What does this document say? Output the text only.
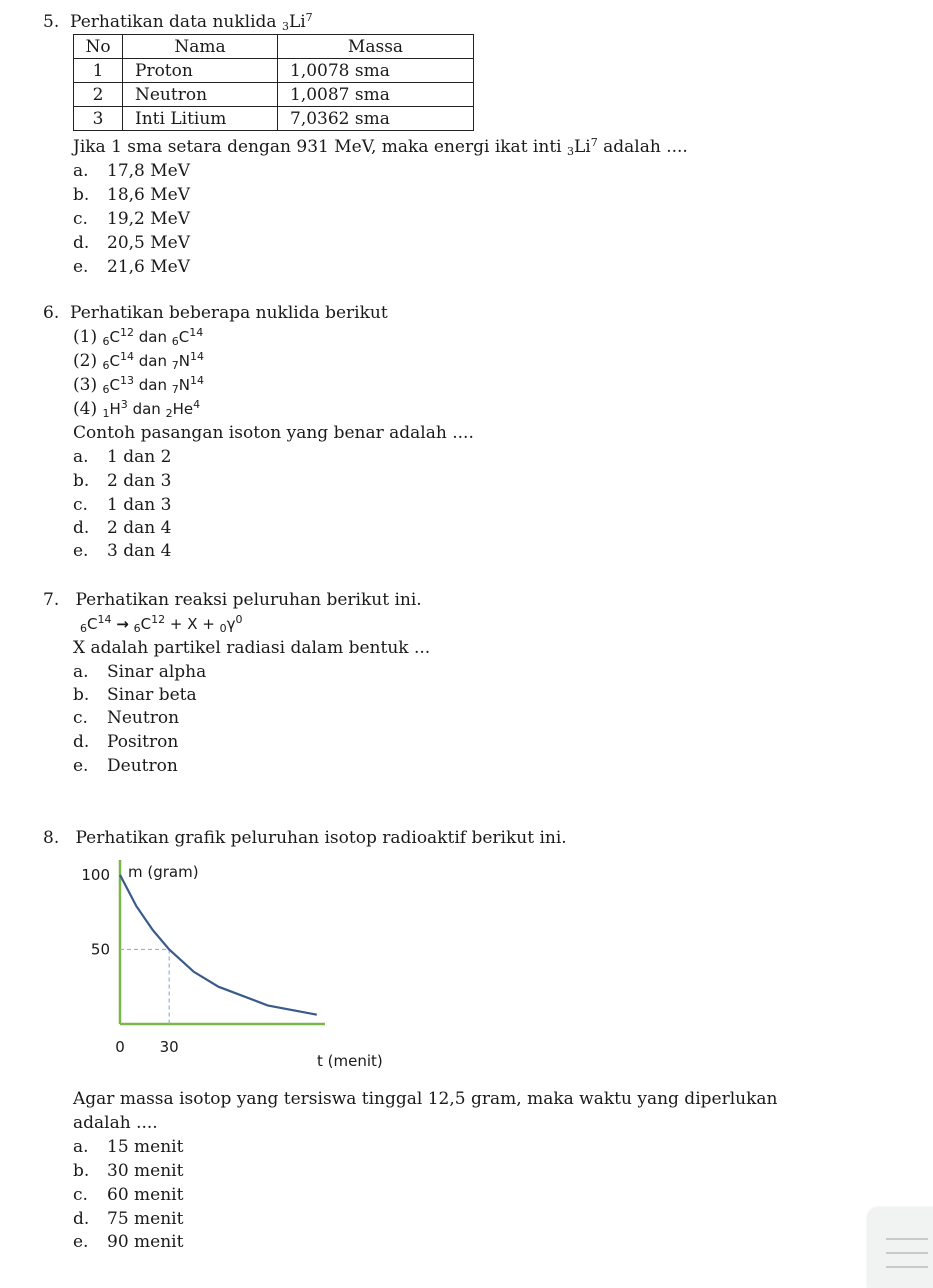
5. Perhatikan data nuklida $_3Li^7$
No	Nama	Massa
1	Proton	1,0078 sma
2	Neutron	1,0087 sma
3	Inti Litium	7,0362 sma
Jika 1 sma setara dengan 931 MeV, maka energi ikat inti $_3Li^7$ adalah ....
a. 17,8 MeV
b. 18,6 MeV
c. 19,2 MeV
d. 20,5 MeV
e. 21,6 MeV
6. Perhatikan beberapa nuklida berikut
(1) $_6C^{12}$ dan $_6C^{14}$
(2) $_6C^{14}$ dan $_7N^{14}$
(3) $_6C^{13}$ dan $_7N^{14}$
(4) $_1H^3$ dan $_2He^4$
Contoh pasangan isoton yang benar adalah ....
a. 1 dan 2
b. 2 dan 3
c. 1 dan 3
d. 2 dan 4
e. 3 dan 4
7. Perhatikan reaksi peluruhan berikut ini.
$_6C^{14} \to _6C^{12} + X + _0\gamma^0$
X adalah partikel radiasi dalam bentuk ...
a. Sinar alpha
b. Sinar beta
c. Neutron
d. Positron
e. Deutron
8. Perhatikan grafik peluruhan isotop radioaktif berikut ini.
m (gram)
t (menit)
100
50
0 30
Agar massa isotop yang tersiswa tinggal 12,5 gram, maka waktu yang diperlukan
adalah ....
a. 15 menit
b. 30 menit
c. 60 menit
d. 75 menit
e. 90 menit
